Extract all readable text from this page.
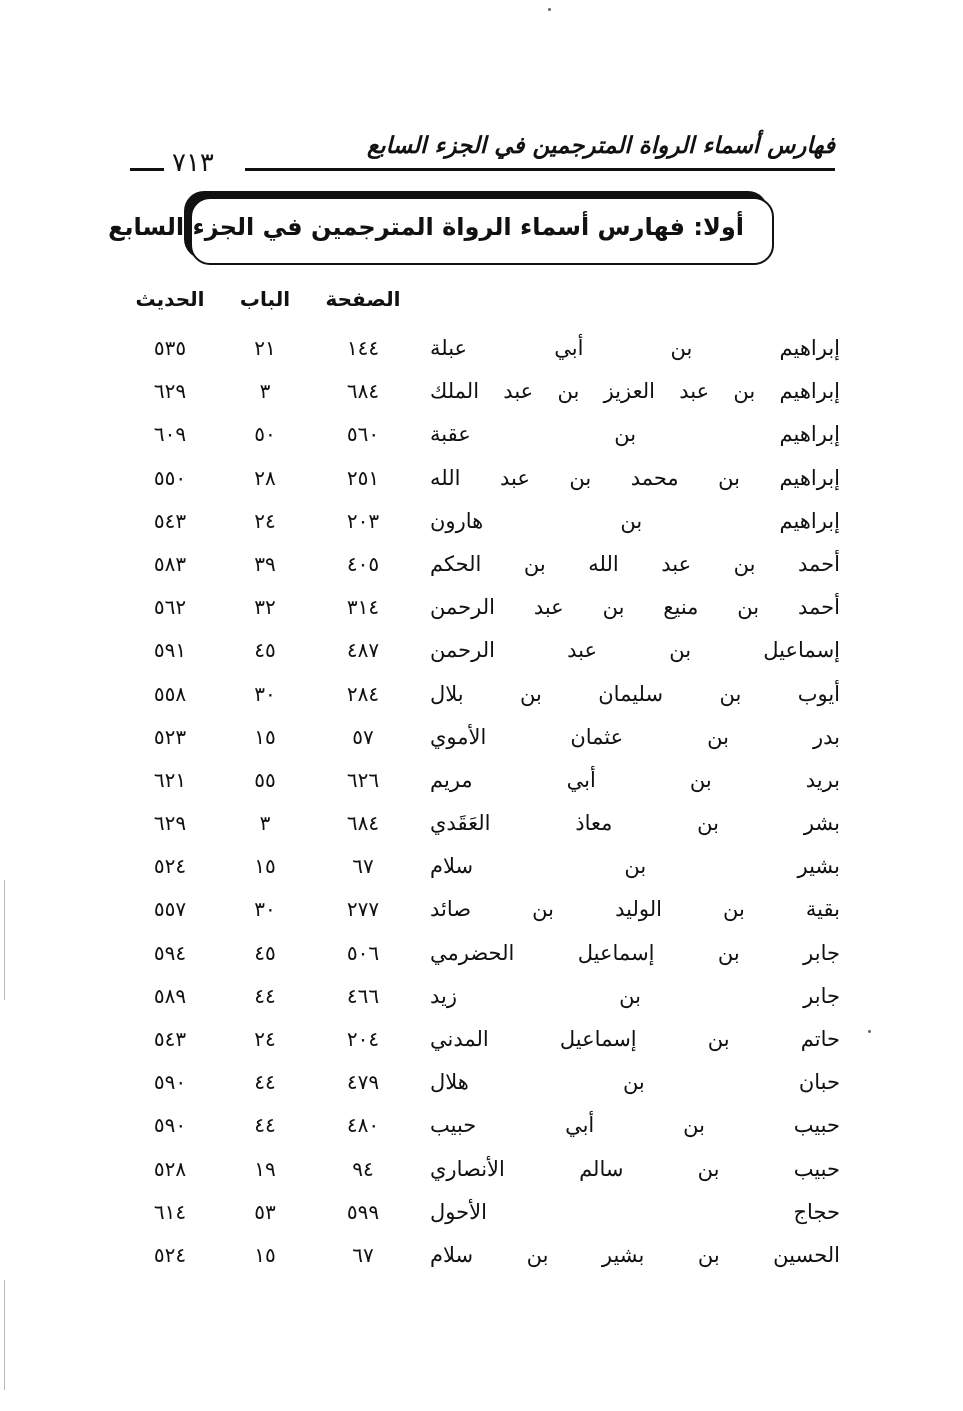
فهارس أسماء الرواة المترجمين في الجزء السابع
٧١٣
أولا: فهارس أسماء الرواة المترجمين في الجزء السابع
الصفحة
الباب
الحديث
إبراهيم بن أبي عبلة
١٤٤
٢١
٥٣٥
إبراهيم بن عبد العزيز بن عبد الملك
٦٨٤
٣
٦٢٩
إبراهيم بن عقبة
٥٦٠
٥٠
٦٠٩
إبراهيم بن محمد بن عبد الله
٢٥١
٢٨
٥٥٠
إبراهيم بن هارون
٢٠٣
٢٤
٥٤٣
أحمد بن عبد الله بن الحكم
٤٠٥
٣٩
٥٨٣
أحمد بن منيع بن عبد الرحمن
٣١٤
٣٢
٥٦٢
إسماعيل بن عبد الرحمن
٤٨٧
٤٥
٥٩١
أيوب بن سليمان بن بلال
٢٨٤
٣٠
٥٥٨
بدر بن عثمان الأموي
٥٧
١٥
٥٢٣
بريد بن أبي مريم
٦٢٦
٥٥
٦٢١
بشر بن معاذ العَقَدي
٦٨٤
٣
٦٢٩
بشير بن سلام
٦٧
١٥
٥٢٤
بقية بن الوليد بن صائد
٢٧٧
٣٠
٥٥٧
جابر بن إسماعيل الحضرمي
٥٠٦
٤٥
٥٩٤
جابر بن زيد
٤٦٦
٤٤
٥٨٩
حاتم بن إسماعيل المدني
٢٠٤
٢٤
٥٤٣
حبان بن هلال
٤٧٩
٤٤
٥٩٠
حبيب بن أبي حبيب
٤٨٠
٤٤
٥٩٠
حبيب بن سالم الأنصاري
٩٤
١٩
٥٢٨
حجاج الأحول
٥٩٩
٥٣
٦١٤
الحسين بن بشير بن سلام
٦٧
١٥
٥٢٤
